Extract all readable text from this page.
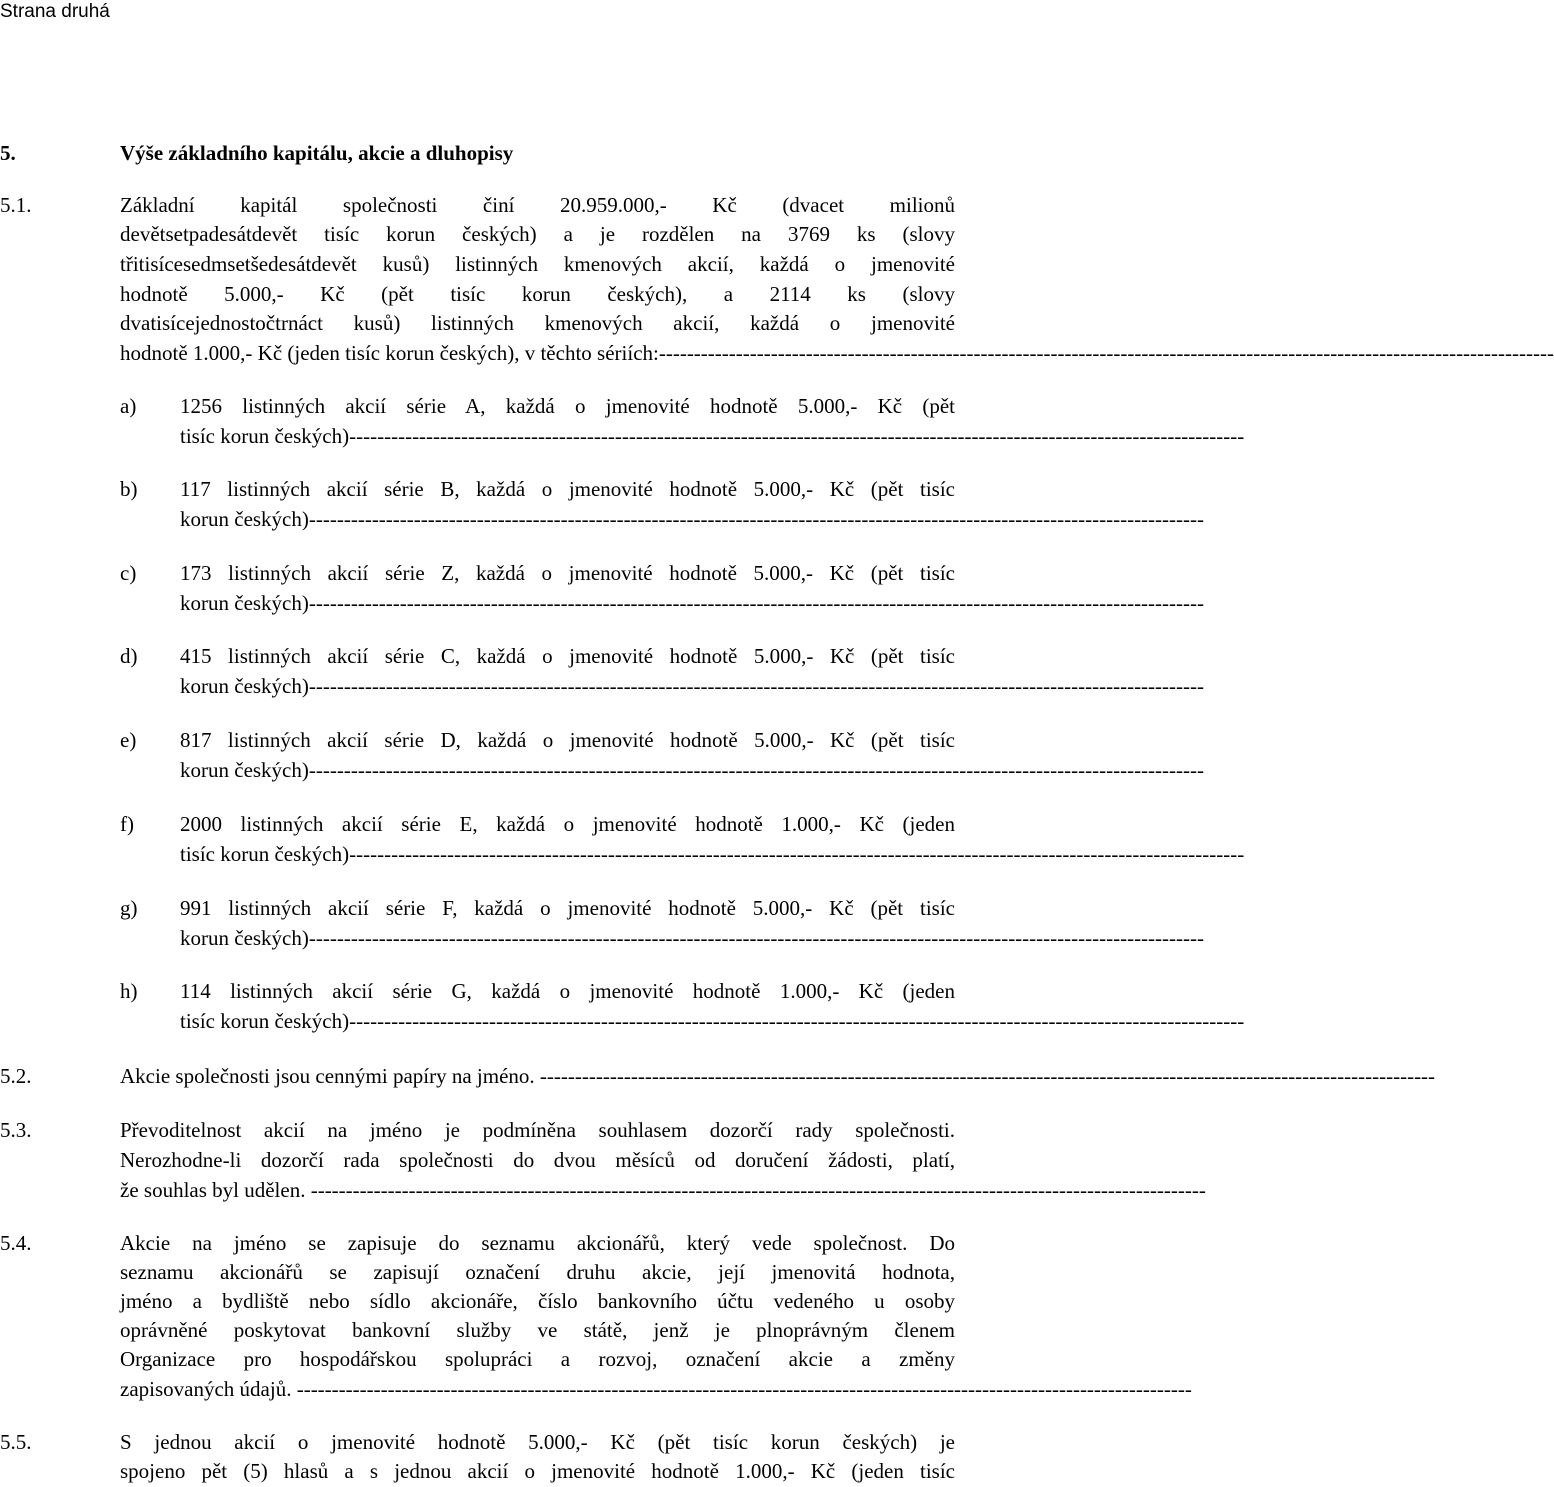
Strana druhá
5.	Výše základního kapitálu, akcie a dluhopisy
5.1.	Základní kapitál společnosti činí 20.959.000,- Kč (dvacet milionů
devětsetpadesátdevět tisíc korun českých) a je rozdělen na 3769 ks (slovy
třitisícesedmsetšedesátdevět kusů) listinných kmenových akcií, každá o jmenovité
hodnotě 5.000,- Kč (pět tisíc korun českých), a 2114 ks (slovy
dvatisícejednostočtrnáct kusů) listinných kmenových akcií, každá o jmenovité
hodnotě 1.000,- Kč (jeden tisíc korun českých), v těchto sériích: --------------------------------------------------------------------------------------------------------------------------------
a) 1256 listinných akcií série A, každá o jmenovité hodnotě 5.000,- Kč (pět
tisíc korun českých) --------------------------------------------------------------------------------------------------------------------------------
b) 117 listinných akcií série B, každá o jmenovité hodnotě 5.000,- Kč (pět tisíc
korun českých) --------------------------------------------------------------------------------------------------------------------------------
c) 173 listinných akcií série Z, každá o jmenovité hodnotě 5.000,- Kč (pět tisíc
korun českých) --------------------------------------------------------------------------------------------------------------------------------
d) 415 listinných akcií série C, každá o jmenovité hodnotě 5.000,- Kč (pět tisíc
korun českých) --------------------------------------------------------------------------------------------------------------------------------
e) 817 listinných akcií série D, každá o jmenovité hodnotě 5.000,- Kč (pět tisíc
korun českých) --------------------------------------------------------------------------------------------------------------------------------
f) 2000 listinných akcií série E, každá o jmenovité hodnotě 1.000,- Kč (jeden
tisíc korun českých) --------------------------------------------------------------------------------------------------------------------------------
g) 991 listinných akcií série F, každá o jmenovité hodnotě 5.000,- Kč (pět tisíc
korun českých) --------------------------------------------------------------------------------------------------------------------------------
h) 114 listinných akcií série G, každá o jmenovité hodnotě 1.000,- Kč (jeden
tisíc korun českých) --------------------------------------------------------------------------------------------------------------------------------
5.2.	Akcie společnosti jsou cennými papíry na jméno. --------------------------------------------------------------------------------------------------------------------------------
5.3.	Převoditelnost akcií na jméno je podmíněna souhlasem dozorčí rady společnosti.
Nerozhodne-li dozorčí rada společnosti do dvou měsíců od doručení žádosti, platí,
že souhlas byl udělen. --------------------------------------------------------------------------------------------------------------------------------
5.4.	Akcie na jméno se zapisuje do seznamu akcionářů, který vede společnost. Do
seznamu akcionářů se zapisují označení druhu akcie, její jmenovitá hodnota,
jméno a bydliště nebo sídlo akcionáře, číslo bankovního účtu vedeného u osoby
oprávněné poskytovat bankovní služby ve státě, jenž je plnoprávným členem
Organizace pro hospodářskou spolupráci a rozvoj, označení akcie a změny
zapisovaných údajů. --------------------------------------------------------------------------------------------------------------------------------
5.5.	S jednou akcií o jmenovité hodnotě 5.000,- Kč (pět tisíc korun českých) je
spojeno pět (5) hlasů a s jednou akcií o jmenovité hodnotě 1.000,- Kč (jeden tisíc
